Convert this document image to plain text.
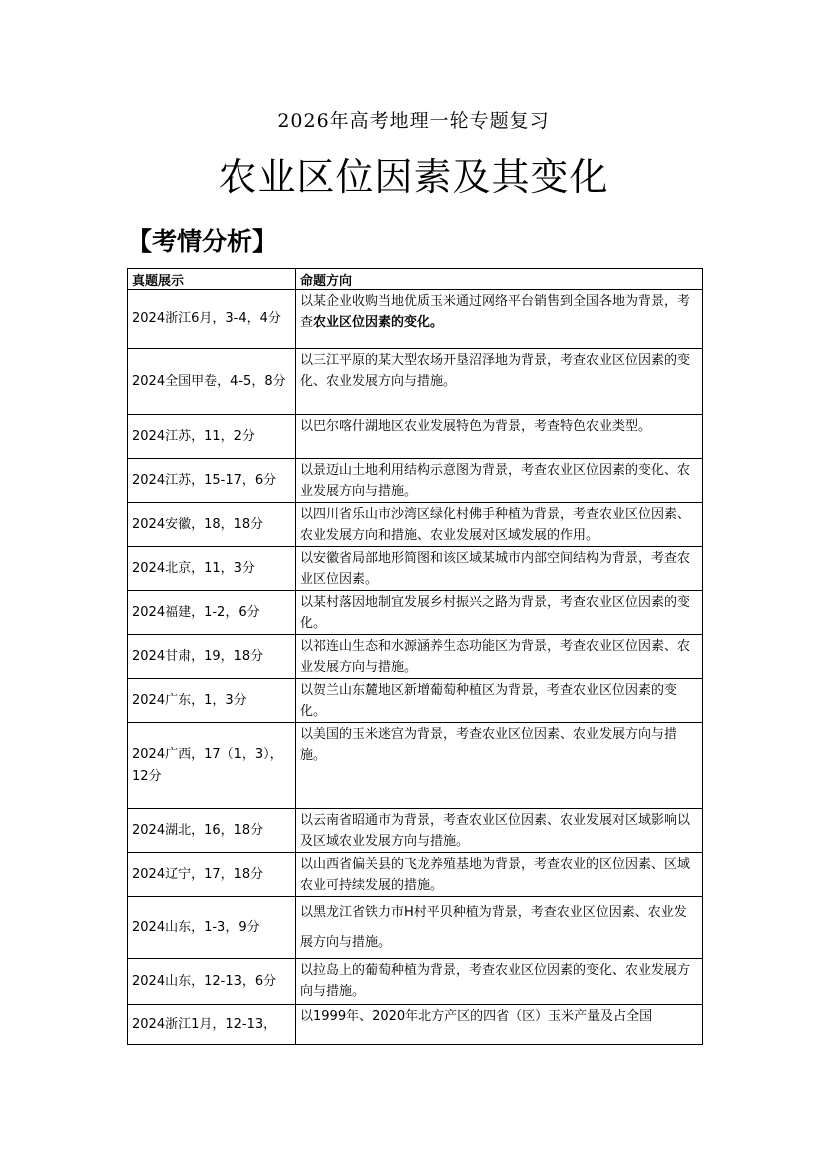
2026年高考地理一轮专题复习
农业区位因素及其变化
【考情分析】
真题展示	命题方向
2024浙江6月，3-4，4分	以某企业收购当地优质玉米通过网络平台销售到全国各地为背景，考查农业区位因素的变化。
2024全国甲卷，4-5，8分	以三江平原的某大型农场开垦沼泽地为背景，考查农业区位因素的变化、农业发展方向与措施。
2024江苏，11，2分	以巴尔喀什湖地区农业发展特色为背景，考查特色农业类型。
2024江苏，15-17，6分	以景迈山土地利用结构示意图为背景，考查农业区位因素的变化、农业发展方向与措施。
2024安徽，18，18分	以四川省乐山市沙湾区绿化村佛手种植为背景，考查农业区位因素、农业发展方向和措施、农业发展对区域发展的作用。
2024北京，11，3分	以安徽省局部地形简图和该区域某城市内部空间结构为背景，考查农业区位因素。
2024福建，1-2，6分	以某村落因地制宜发展乡村振兴之路为背景，考查农业区位因素的变化。
2024甘肃，19，18分	以祁连山生态和水源涵养生态功能区为背景，考查农业区位因素、农业发展方向与措施。
2024广东，1，3分	以贺兰山东麓地区新增葡萄种植区为背景，考查农业区位因素的变化。
2024广西，17（1，3），12分	以美国的玉米迷宫为背景，考查农业区位因素、农业发展方向与措施。
2024湖北，16，18分	以云南省昭通市为背景，考查农业区位因素、农业发展对区域影响以及区域农业发展方向与措施。
2024辽宁，17，18分	以山西省偏关县的飞龙养殖基地为背景，考查农业的区位因素、区域农业可持续发展的措施。
2024山东，1-3，9分	以黑龙江省铁力市H村平贝种植为背景，考查农业区位因素、农业发展方向与措施。
2024山东，12-13，6分	以拉岛上的葡萄种植为背景，考查农业区位因素的变化、农业发展方向与措施。
2024浙江1月，12-13，	以1999年、2020年北方产区的四省（区）玉米产量及占全国
